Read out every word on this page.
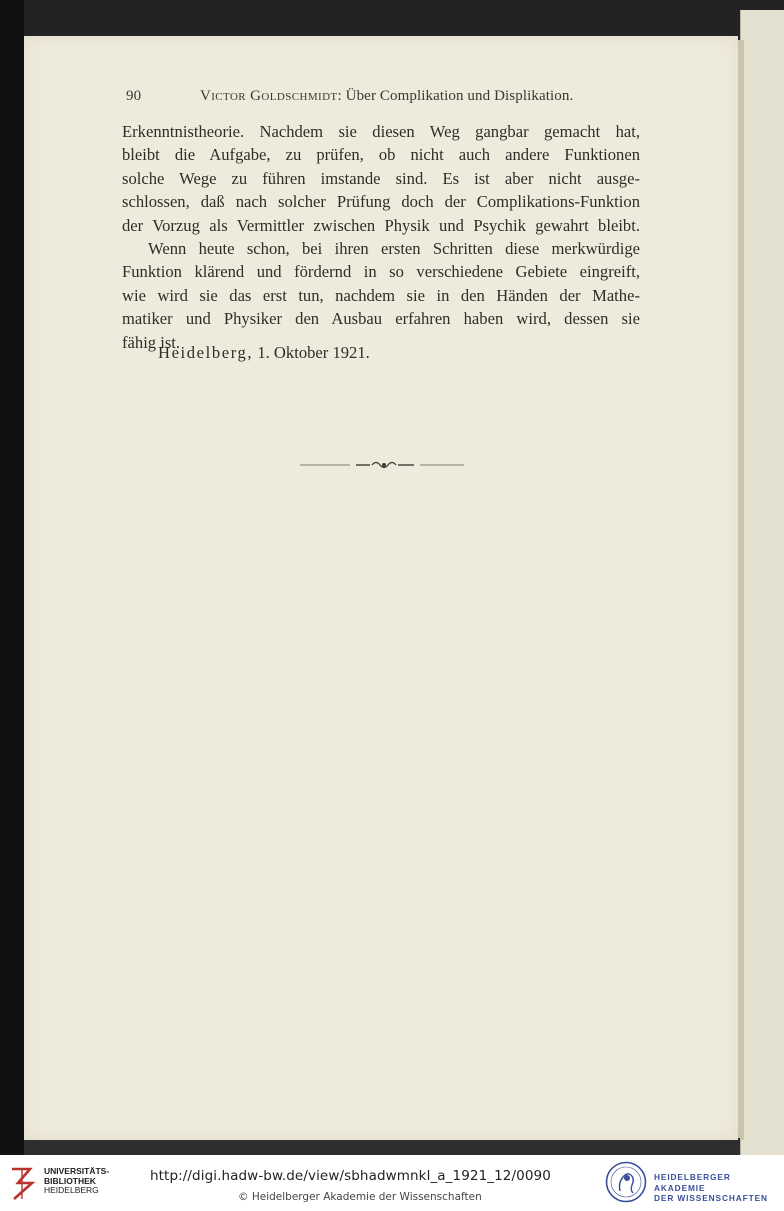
90	Victor Goldschmidt: Über Complikation und Displikation.
Erkenntnistheorie. Nachdem sie diesen Weg gangbar gemacht hat,
bleibt die Aufgabe, zu prüfen, ob nicht auch andere Funktionen
solche Wege zu führen imstande sind. Es ist aber nicht ausge-
schlossen, daß nach solcher Prüfung doch der Complikations-Funktion
der Vorzug als Vermittler zwischen Physik und Psychik gewahrt bleibt.
Wenn heute schon, bei ihren ersten Schritten diese merkwürdige
Funktion klärend und fördernd in so verschiedene Gebiete eingreift,
wie wird sie das erst tun, nachdem sie in den Händen der Mathe-
matiker und Physiker den Ausbau erfahren haben wird, dessen sie
fähig ist.
Heidelberg, 1. Oktober 1921.
UNIVERSITÄTS-
BIBLIOTHEK
HEIDELBERG
http://digi.hadw-bw.de/view/sbhadwmnkl_a_1921_12/0090
© Heidelberger Akademie der Wissenschaften
HEIDELBERGER AKADEMIE
DER WISSENSCHAFTEN
